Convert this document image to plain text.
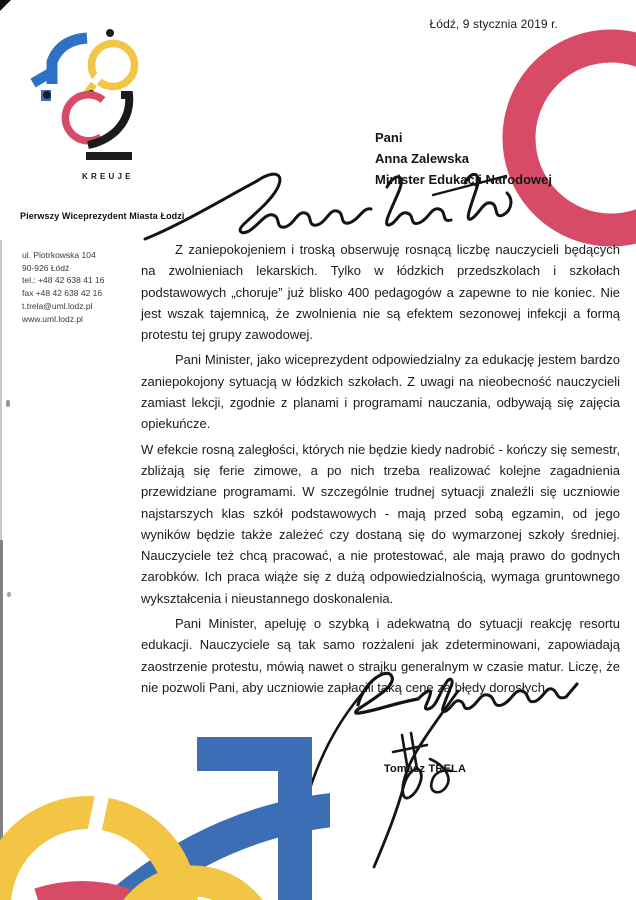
Łódź, 9 stycznia 2019 r.
KREUJE
Pierwszy Wiceprezydent Miasta Łodzi
ul. Piotrkowska 104
90-926 Łódź
tel.: +48 42 638 41 16
fax +48 42 638 42 16
t.trela@uml.lodz.pl
www.uml.lodz.pl
Pani
Anna Zalewska
Minister Edukacji Narodowej

Z zaniepokojeniem i troską obserwuję rosnącą liczbę nauczycieli będących na zwolnieniach lekarskich. Tylko w łódzkich przedszkolach i szkołach podstawowych „choruje” już blisko 400 pedagogów a zapewne to nie koniec. Nie jest wszak tajemnicą, że zwolnienia nie są efektem sezonowej infekcji a formą protestu tej grupy zawodowej.

Pani Minister, jako wiceprezydent odpowiedzialny za edukację jestem bardzo zaniepokojony sytuacją w łódzkich szkołach. Z uwagi na nieobecność nauczycieli zamiast lekcji, zgodnie z planami i programami nauczania, odbywają się zajęcia opiekuńcze.

W efekcie rosną zaległości, których nie będzie kiedy nadrobić - kończy się semestr, zbliżają się ferie zimowe, a po nich trzeba realizować kolejne zagadnienia przewidziane programami. W szczególnie trudnej sytuacji znaleźli się uczniowie najstarszych klas szkół podstawowych - mają przed sobą egzamin, od jego wyników będzie także zależeć czy dostaną się do wymarzonej szkoły średniej. Nauczyciele też chcą pracować, a nie protestować, ale mają prawo do godnych zarobków. Ich praca wiąże się z dużą odpowiedzialnością, wymaga gruntownego wykształcenia i nieustannego doskonalenia.

Pani Minister, apeluję o szybką i adekwatną do sytuacji reakcję resortu edukacji. Nauczyciele są tak samo rozżaleni jak zdeterminowani, zapowiadają zaostrzenie protestu, mówią nawet o strajku generalnym w czasie matur. Liczę, że nie pozwoli Pani, aby uczniowie zapłacili taką cenę za błędy dorosłych.

Tomasz TRELA
